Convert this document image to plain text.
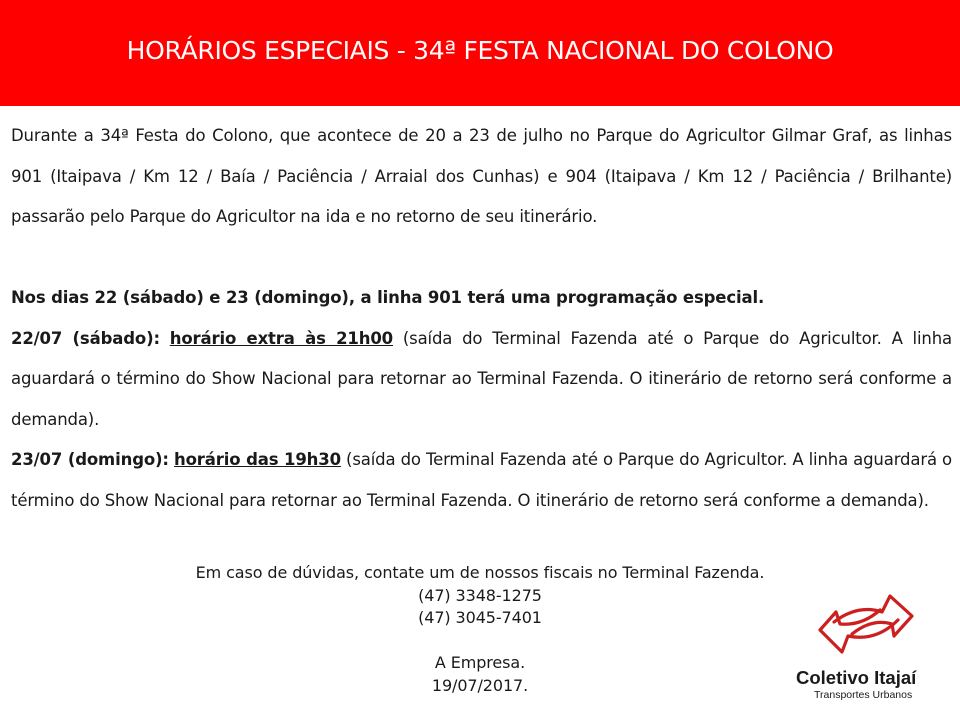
HORÁRIOS ESPECIAIS - 34ª FESTA NACIONAL DO COLONO

Durante a 34ª Festa do Colono, que acontece de 20 a 23 de julho no Parque do Agricultor Gilmar Graf, as linhas 901 (Itaipava / Km 12 / Baía / Paciência / Arraial dos Cunhas) e 904 (Itaipava / Km 12 / Paciência / Brilhante) passarão pelo Parque do Agricultor na ida e no retorno de seu itinerário.

Nos dias 22 (sábado) e 23 (domingo), a linha 901 terá uma programação especial.

22/07 (sábado): horário extra às 21h00 (saída do Terminal Fazenda até o Parque do Agricultor. A linha aguardará o término do Show Nacional para retornar ao Terminal Fazenda. O itinerário de retorno será conforme a demanda).

23/07 (domingo): horário das 19h30 (saída do Terminal Fazenda até o Parque do Agricultor. A linha aguardará o término do Show Nacional para retornar ao Terminal Fazenda. O itinerário de retorno será conforme a demanda).

Em caso de dúvidas, contate um de nossos fiscais no Terminal Fazenda.
(47) 3348-1275
(47) 3045-7401
A Empresa.
19/07/2017.	Coletivo Itajaí
Transportes Urbanos
